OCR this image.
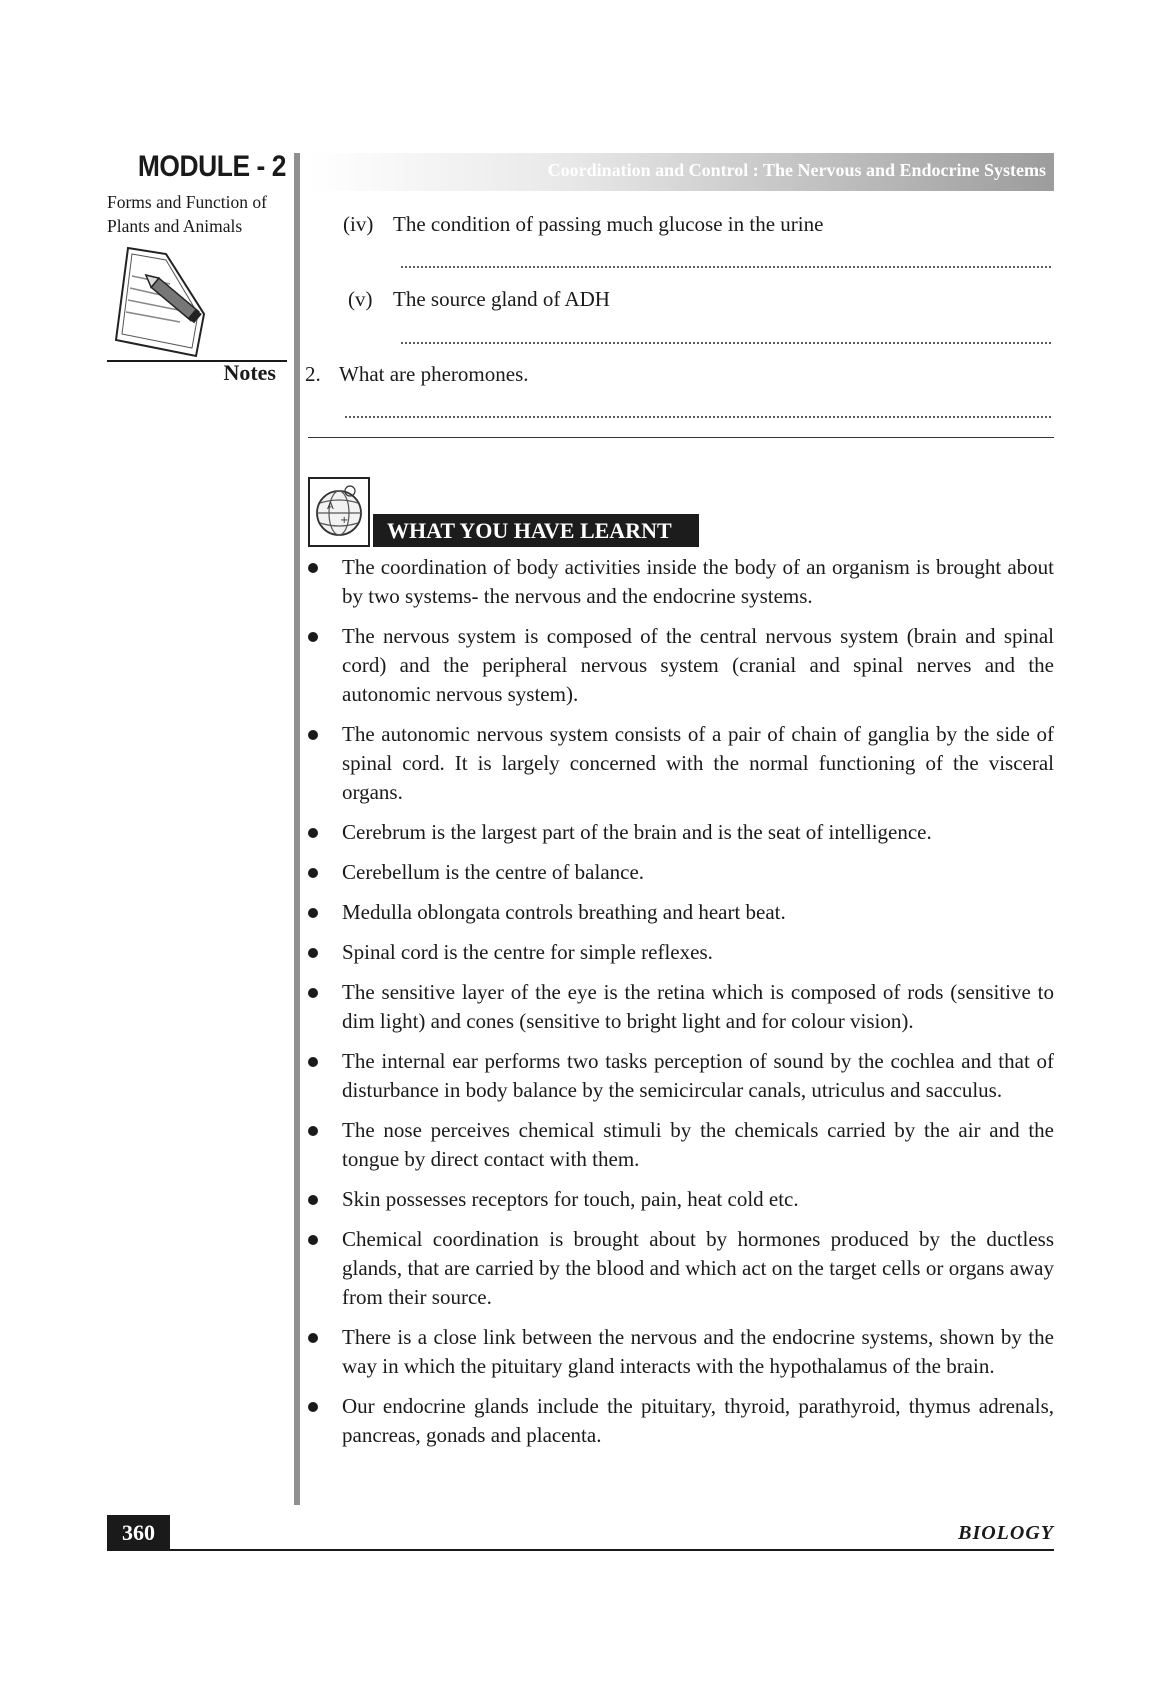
MODULE - 2
Forms and Function of
Plants and Animals
Notes
Coordination and Control : The Nervous and Endocrine Systems
(iv) The condition of passing much glucose in the urine
(v) The source gland of ADH
2. What are pheromones.
A
+	WHAT YOU HAVE LEARNT
The coordination of body activities inside the body of an organism is brought about by two systems- the nervous and the endocrine systems.
The nervous system is composed of the central nervous system (brain and spinal cord) and the peripheral nervous system (cranial and spinal nerves and the autonomic nervous system).
The autonomic nervous system consists of a pair of chain of ganglia by the side of spinal cord. It is largely concerned with the normal functioning of the visceral organs.
Cerebrum is the largest part of the brain and is the seat of intelligence.
Cerebellum is the centre of balance.
Medulla oblongata controls breathing and heart beat.
Spinal cord is the centre for simple reflexes.
The sensitive layer of the eye is the retina which is composed of rods (sensitive to dim light) and cones (sensitive to bright light and for colour vision).
The internal ear performs two tasks perception of sound by the cochlea and that of disturbance in body balance by the semicircular canals, utriculus and sacculus.
The nose perceives chemical stimuli by the chemicals carried by the air and the tongue by direct contact with them.
Skin possesses receptors for touch, pain, heat cold etc.
Chemical coordination is brought about by hormones produced by the ductless glands, that are carried by the blood and which act on the target cells or organs away from their source.
There is a close link between the nervous and the endocrine systems, shown by the way in which the pituitary gland interacts with the hypothalamus of the brain.
Our endocrine glands include the pituitary, thyroid, parathyroid, thymus adrenals, pancreas, gonads and placenta.
360	BIOLOGY
